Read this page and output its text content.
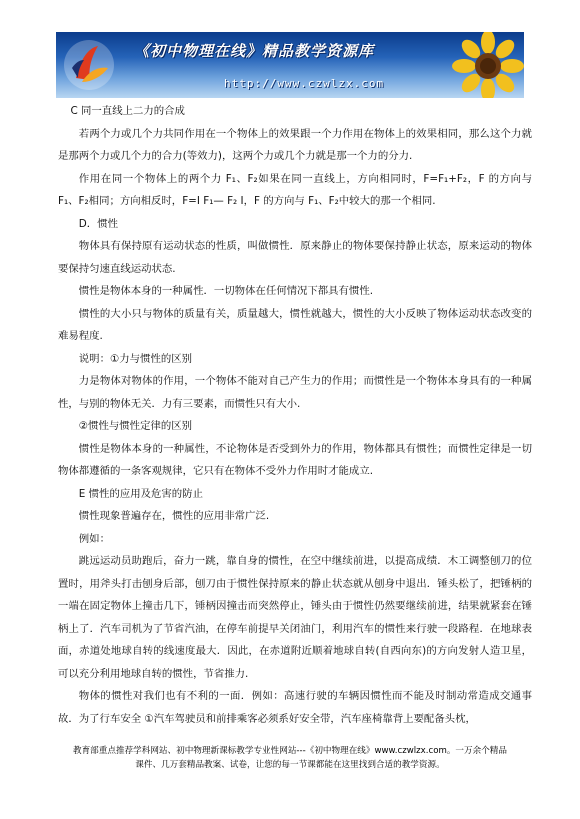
《初中物理在线》精品教学资源库
http://www.czwlzx.com

C 同一直线上二力的合成

若两个力或几个力共同作用在一个物体上的效果跟一个力作用在物体上的效果相同，那么这个力就是那两个力或几个力的合力(等效力)，这两个力或几个力就是那一个力的分力.

作用在同一个物体上的两个力 F₁、F₂如果在同一直线上，方向相同时，F=F₁+F₂，F 的方向与 F₁、F₂相同；方向相反时，F=I F₁— F₂ I，F 的方向与 F₁、F₂中较大的那一个相同.

D．惯性

物体具有保持原有运动状态的性质，叫做惯性．原来静止的物体要保持静止状态，原来运动的物体要保持匀速直线运动状态.

惯性是物体本身的一种属性．一切物体在任何情况下都具有惯性.

惯性的大小只与物体的质量有关，质量越大，惯性就越大，惯性的大小反映了物体运动状态改变的难易程度.

说明：①力与惯性的区别

力是物体对物体的作用，一个物体不能对自己产生力的作用；而惯性是一个物体本身具有的一种属性，与别的物体无关．力有三要素，而惯性只有大小.

②惯性与惯性定律的区别

惯性是物体本身的一种属性，不论物体是否受到外力的作用，物体都具有惯性；而惯性定律是一切物体都遵循的一条客观规律，它只有在物体不受外力作用时才能成立.

E 惯性的应用及危害的防止

惯性现象普遍存在，惯性的应用非常广泛.

例如：

跳远运动员助跑后，奋力一跳，靠自身的惯性，在空中继续前进，以提高成绩．木工调整刨刀的位置时，用斧头打击刨身后部，刨刀由于惯性保持原来的静止状态就从刨身中退出．锤头松了，把锤柄的一端在固定物体上撞击几下，锤柄因撞击而突然停止，锤头由于惯性仍然要继续前进，结果就紧套在锤柄上了．汽车司机为了节省汽油，在停车前提早关闭油门，利用汽车的惯性来行驶一段路程．在地球表面，赤道处地球自转的线速度最大．因此，在赤道附近顺着地球自转(自西向东)的方向发射人造卫星，可以充分利用地球自转的惯性，节省推力.

物体的惯性对我们也有不利的一面．例如：高速行驶的车辆因惯性而不能及时制动常造成交通事故．为了行车安全 ①汽车驾驶员和前排乘客必须系好安全带，汽车座椅靠背上要配备头枕，

教育部重点推荐学科网站、初中物理新课标教学专业性网站---《初中物理在线》www.czwlzx.com。一万余个精品
课件、几万套精品教案、试卷，让您的每一节课都能在这里找到合适的教学资源。
